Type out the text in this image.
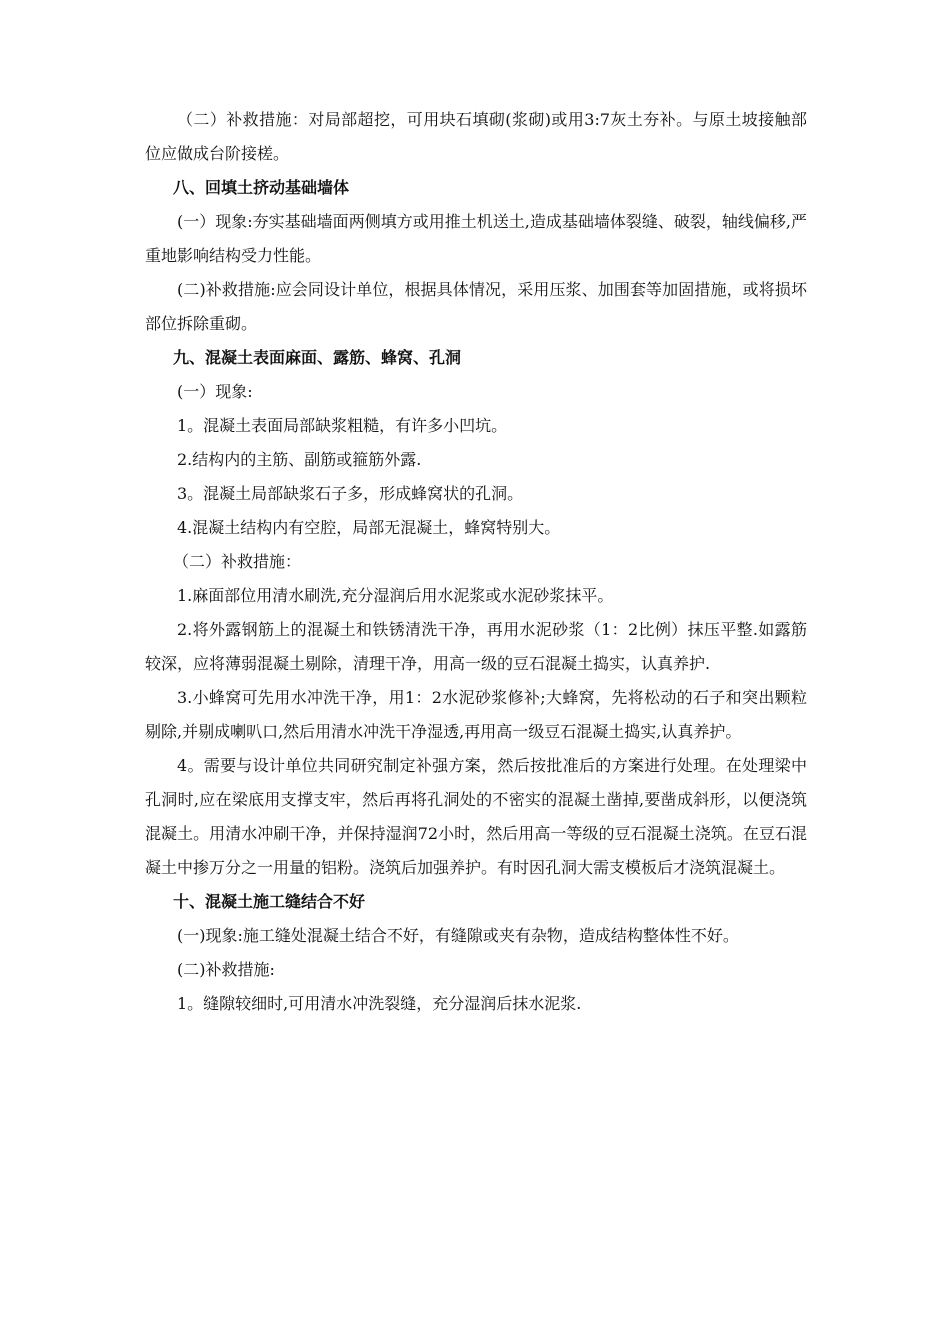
（二）补救措施：对局部超挖，可用块石填砌(浆砌)或用3:7灰土夯补。与原土坡接触部位应做成台阶接槎。

八、回填土挤动基础墙体

(一）现象:夯实基础墙面两侧填方或用推土机送土,造成基础墙体裂缝、破裂，轴线偏移,严重地影响结构受力性能。

(二)补救措施:应会同设计单位，根据具体情况，采用压浆、加围套等加固措施，或将损坏部位拆除重砌。

九、混凝土表面麻面、露筋、蜂窝、孔洞

(一）现象:

1。混凝土表面局部缺浆粗糙，有许多小凹坑。

2.结构内的主筋、副筋或箍筋外露.

3。混凝土局部缺浆石子多，形成蜂窝状的孔洞。

4.混凝土结构内有空腔，局部无混凝土，蜂窝特别大。

（二）补救措施：

1.麻面部位用清水刷洗,充分湿润后用水泥浆或水泥砂浆抹平。

2.将外露钢筋上的混凝土和铁锈清洗干净，再用水泥砂浆（1：2比例）抹压平整.如露筋较深，应将薄弱混凝土剔除，清理干净，用高一级的豆石混凝土捣实，认真养护.

3.小蜂窝可先用水冲洗干净，用1：2水泥砂浆修补;大蜂窝，先将松动的石子和突出颗粒剔除,并剔成喇叭口,然后用清水冲洗干净湿透,再用高一级豆石混凝土捣实,认真养护。

4。需要与设计单位共同研究制定补强方案，然后按批准后的方案进行处理。在处理梁中孔洞时,应在梁底用支撑支牢，然后再将孔洞处的不密实的混凝土凿掉,要凿成斜形，以便浇筑混凝土。用清水冲刷干净，并保持湿润72小时，然后用高一等级的豆石混凝土浇筑。在豆石混凝土中掺万分之一用量的铝粉。浇筑后加强养护。有时因孔洞大需支模板后才浇筑混凝土。

十、混凝土施工缝结合不好

(一)现象:施工缝处混凝土结合不好，有缝隙或夹有杂物，造成结构整体性不好。

(二)补救措施:

1。缝隙较细时,可用清水冲洗裂缝，充分湿润后抹水泥浆.
